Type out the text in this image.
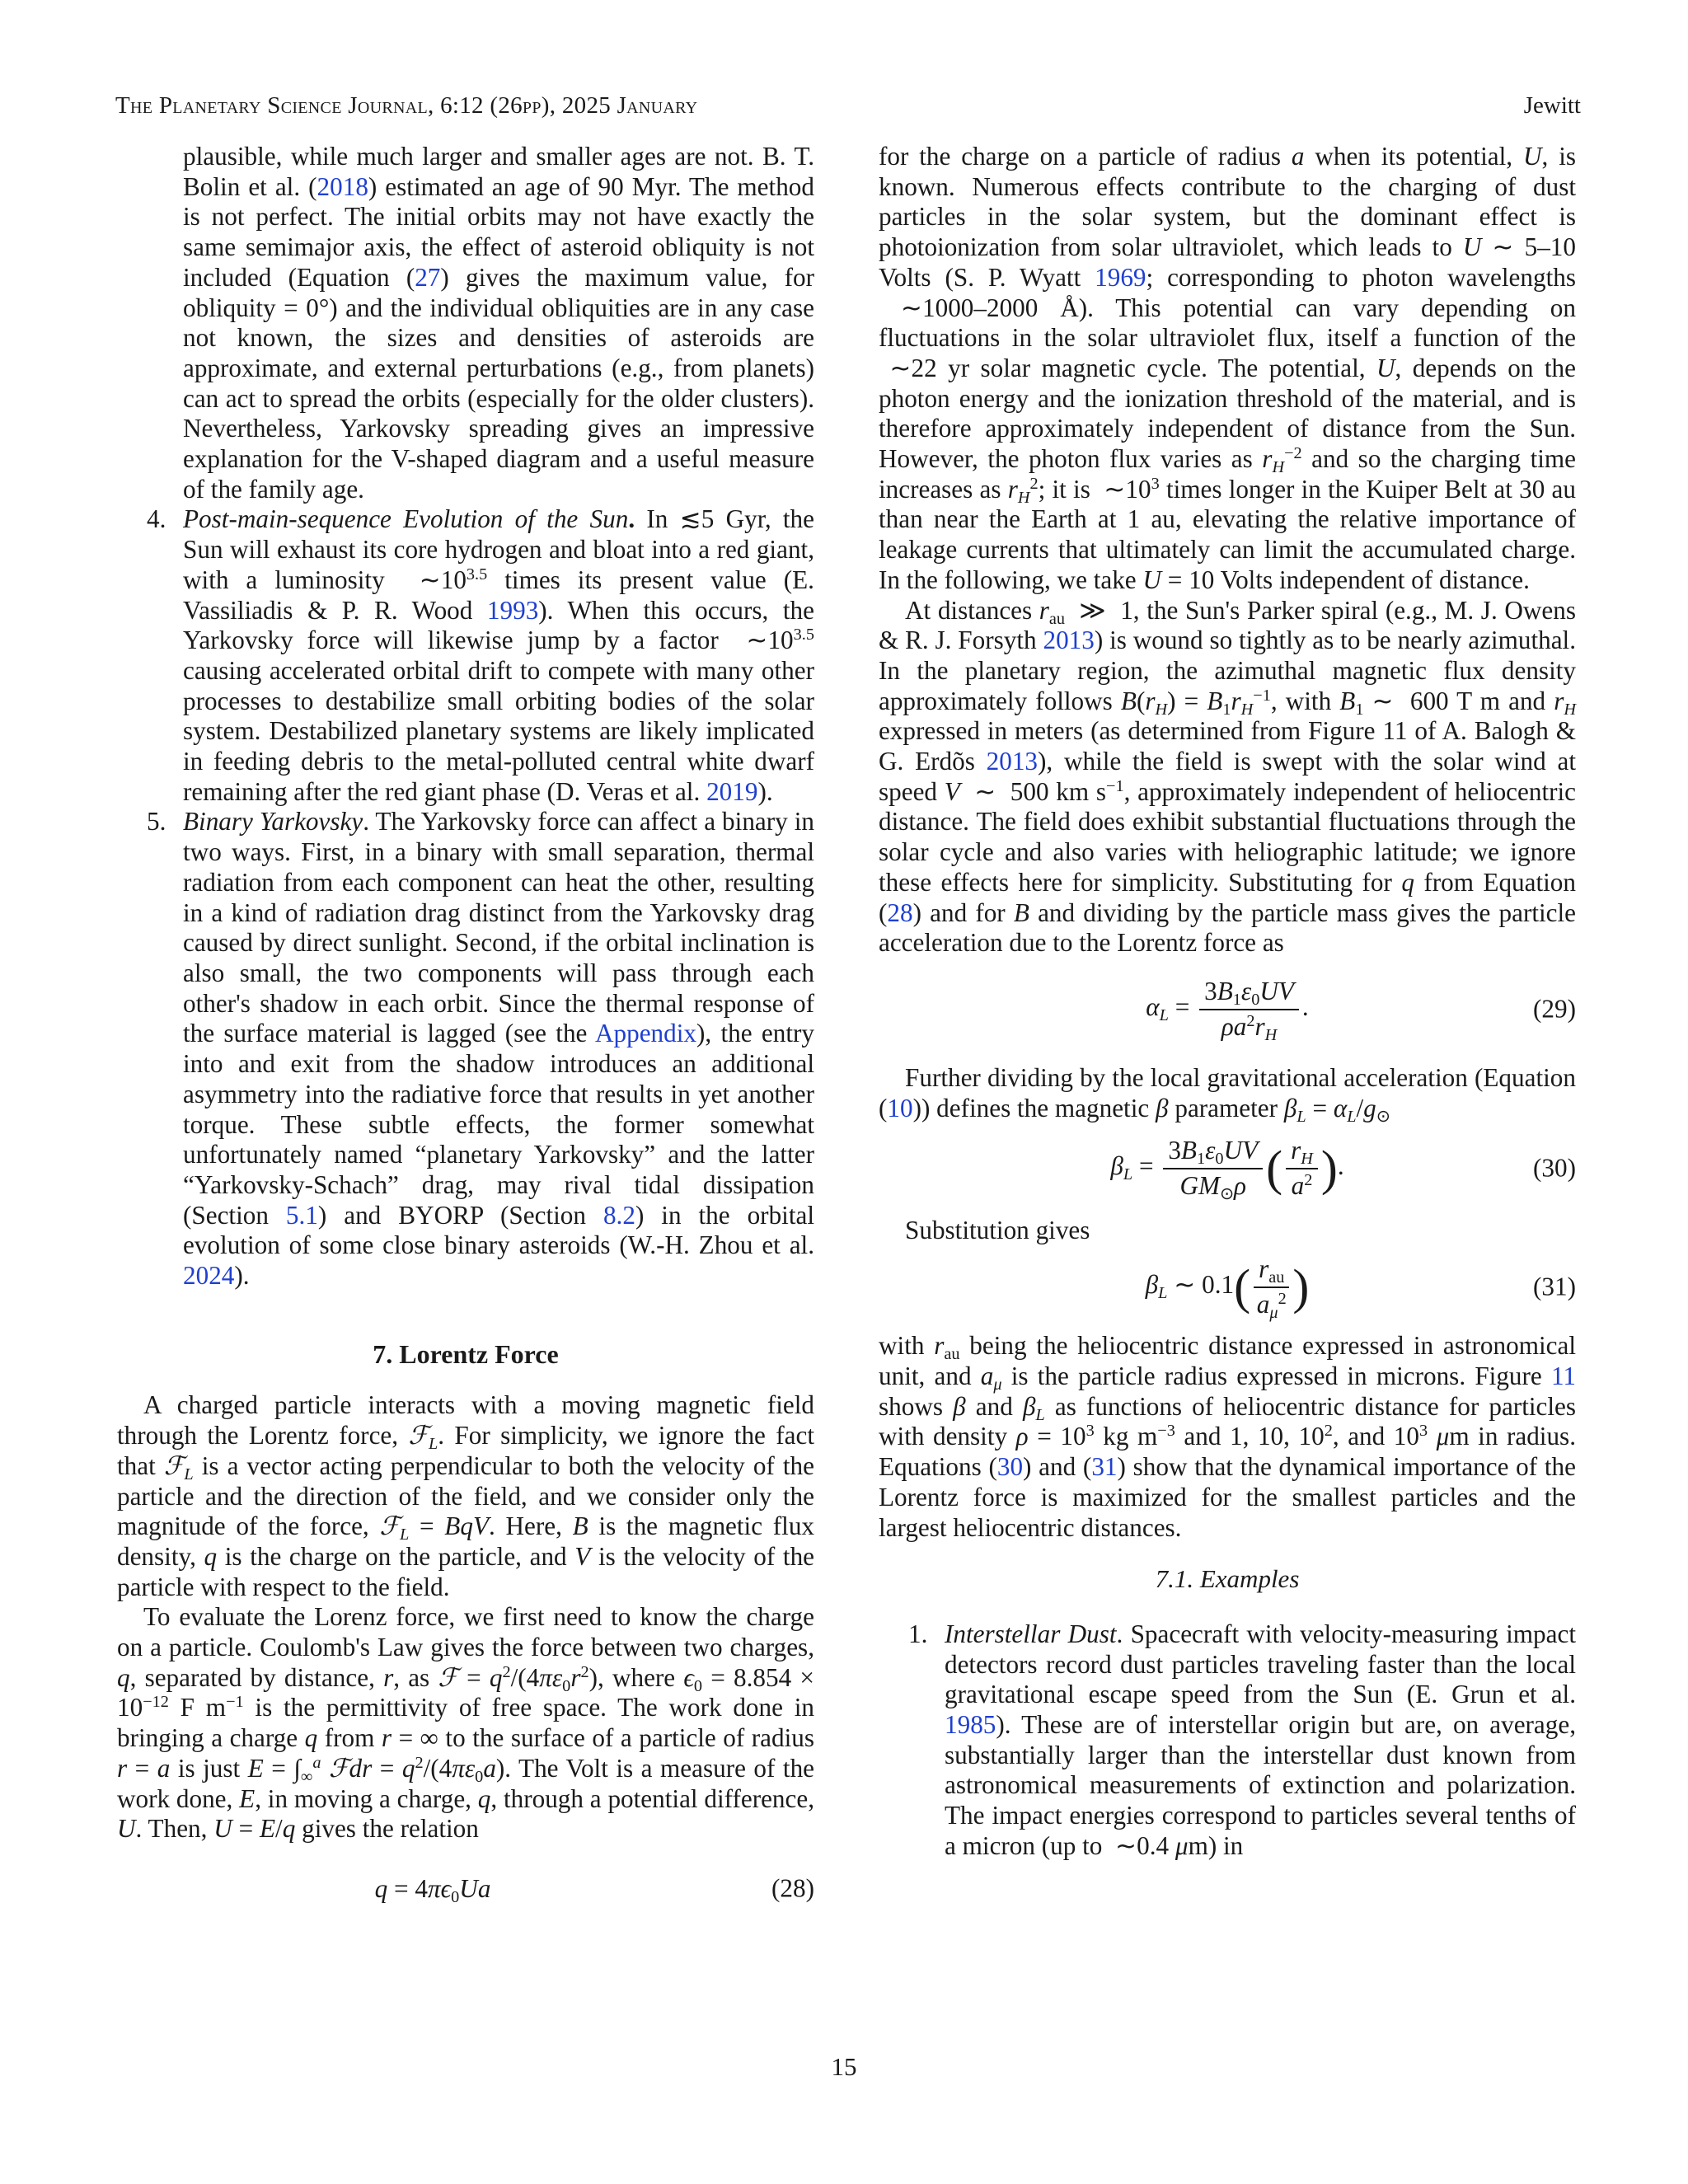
The Planetary Science Journal, 6:12 (26pp), 2025 January	Jewitt

plausible, while much larger and smaller ages are not. B. T. Bolin et al. (2018) estimated an age of 90 Myr. The method is not perfect. The initial orbits may not have exactly the same semimajor axis, the effect of asteroid obliquity is not included (Equation (27) gives the maximum value, for obliquity = 0°) and the individual obliquities are in any case not known, the sizes and densities of asteroids are approximate, and external perturbations (e.g., from planets) can act to spread the orbits (especially for the older clusters). Nevertheless, Yarkovsky spreading gives an impressive explanation for the V-shaped diagram and a useful measure of the family age.

4. Post-main-sequence Evolution of the Sun. In ≲5 Gyr, the Sun will exhaust its core hydrogen and bloat into a red giant, with a luminosity  $\sim 10^{3.5}$ times its present value (E. Vassiliadis & P. R. Wood 1993). When this occurs, the Yarkovsky force will likewise jump by a factor  $\sim 10^{3.5}$ causing accelerated orbital drift to compete with many other processes to destabilize small orbiting bodies of the solar system. Destabilized planetary systems are likely implicated in feeding debris to the metal-polluted central white dwarf remaining after the red giant phase (D. Veras et al. 2019).
5. Binary Yarkovsky. The Yarkovsky force can affect a binary in two ways. First, in a binary with small separation, thermal radiation from each component can heat the other, resulting in a kind of radiation drag distinct from the Yarkovsky drag caused by direct sunlight. Second, if the orbital inclination is also small, the two components will pass through each other's shadow in each orbit. Since the thermal response of the surface material is lagged (see the Appendix), the entry into and exit from the shadow introduces an additional asymmetry into the radiative force that results in yet another torque. These subtle effects, the former somewhat unfortunately named “planetary Yarkovsky” and the latter “Yarkovsky-Schach” drag, may rival tidal dissipation (Section 5.1) and BYORP (Section 8.2) in the orbital evolution of some close binary asteroids (W.-H. Zhou et al. 2024).
7. Lorentz Force

A charged particle interacts with a moving magnetic field through the Lorentz force, ℱ$_L$. For simplicity, we ignore the fact that ℱ$_L$ is a vector acting perpendicular to both the velocity of the particle and the direction of the field, and we consider only the magnitude of the force, ℱ$_L$ = BqV. Here, B is the magnetic flux density, q is the charge on the particle, and V is the velocity of the particle with respect to the field.

To evaluate the Lorenz force, we first need to know the charge on a particle. Coulomb's Law gives the force between two charges, q, separated by distance, r, as ℱ = $q^2/(4\pi\varepsilon_0r^2)$, where $\epsilon_0 = 8.854 \times 10^{-12}$ F $m^{-1}$ is the permittivity of free space. The work done in bringing a charge q from r = ∞ to the surface of a particle of radius r = a is just $E = \int_\infty^a$ ℱdr = $q^2/(4\pi\varepsilon_0a)$. The Volt is a measure of the work done, E, in moving a charge, q, through a potential difference, U. Then, U = E/q gives the relation

$q = 4\pi\epsilon_0Ua$	(28)

for the charge on a particle of radius a when its potential, U, is known. Numerous effects contribute to the charging of dust particles in the solar system, but the dominant effect is photoionization from solar ultraviolet, which leads to U ∼ 5–10 Volts (S. P. Wyatt 1969; corresponding to photon wavelengths  ∼1000–2000 Å). This potential can vary depending on fluctuations in the solar ultraviolet flux, itself a function of the  ∼22 yr solar magnetic cycle. The potential, U, depends on the photon energy and the ionization threshold of the material, and is therefore approximately independent of distance from the Sun. However, the photon flux varies as $r_H^{-2}$ and so the charging time increases as $r_H^2$; it is  $\sim 10^3$ times longer in the Kuiper Belt at 30 au than near the Earth at 1 au, elevating the relative importance of leakage currents that ultimately can limit the accumulated charge. In the following, we take U = 10 Volts independent of distance.

At distances $r_{au}$  ≫  1, the Sun's Parker spiral (e.g., M. J. Owens & R. J. Forsyth 2013) is wound so tightly as to be nearly azimuthal. In the planetary region, the azimuthal magnetic flux density approximately follows $B(r_H) = B_1r_H^{-1}$, with $B_1$ ∼  600 T m and $r_H$ expressed in meters (as determined from Figure 11 of A. Balogh & G. Erdõs 2013), while the field is swept with the solar wind at speed V  ∼  500 km $s^{-1}$, approximately independent of heliocentric distance. The field does exhibit substantial fluctuations through the solar cycle and also varies with heliographic latitude; we ignore these effects here for simplicity. Substituting for q from Equation (28) and for B and dividing by the particle mass gives the particle acceleration due to the Lorentz force as

$\alpha_L = \frac{3B_1\varepsilon_0UV}{\rho a^2r_H}$ .	(29)

Further dividing by the local gravitational acceleration (Equation (10)) defines the magnetic β parameter $\beta_L = \alpha_L/g_⊙$

$\beta_L = \frac{3B_1\varepsilon_0UV}{GM_⊙\rho}$ ( $\frac{r_H}{a^2}$ ).	(30)

Substitution gives

$\beta_L$ ∼ $0.1( \frac{r_{au}}{a_\mu^2}$ )	(31)

with $r_{au}$ being the heliocentric distance expressed in astronomical unit, and $a_\mu$ is the particle radius expressed in microns. Figure 11 shows β and $\beta_L$ as functions of heliocentric distance for particles with density $\rho = 10^3$ kg $m^{-3}$ and 1, 10, $10^2$, and $10^3$ μm in radius. Equations (30) and (31) show that the dynamical importance of the Lorentz force is maximized for the smallest particles and the largest heliocentric distances.

7.1. Examples
1. Interstellar Dust. Spacecraft with velocity-measuring impact detectors record dust particles traveling faster than the local gravitational escape speed from the Sun (E. Grun et al. 1985). These are of interstellar origin but are, on average, substantially larger than the interstellar dust known from astronomical measurements of extinction and polarization. The impact energies correspond to particles several tenths of a micron (up to  ∼0.4 μm) in
15
